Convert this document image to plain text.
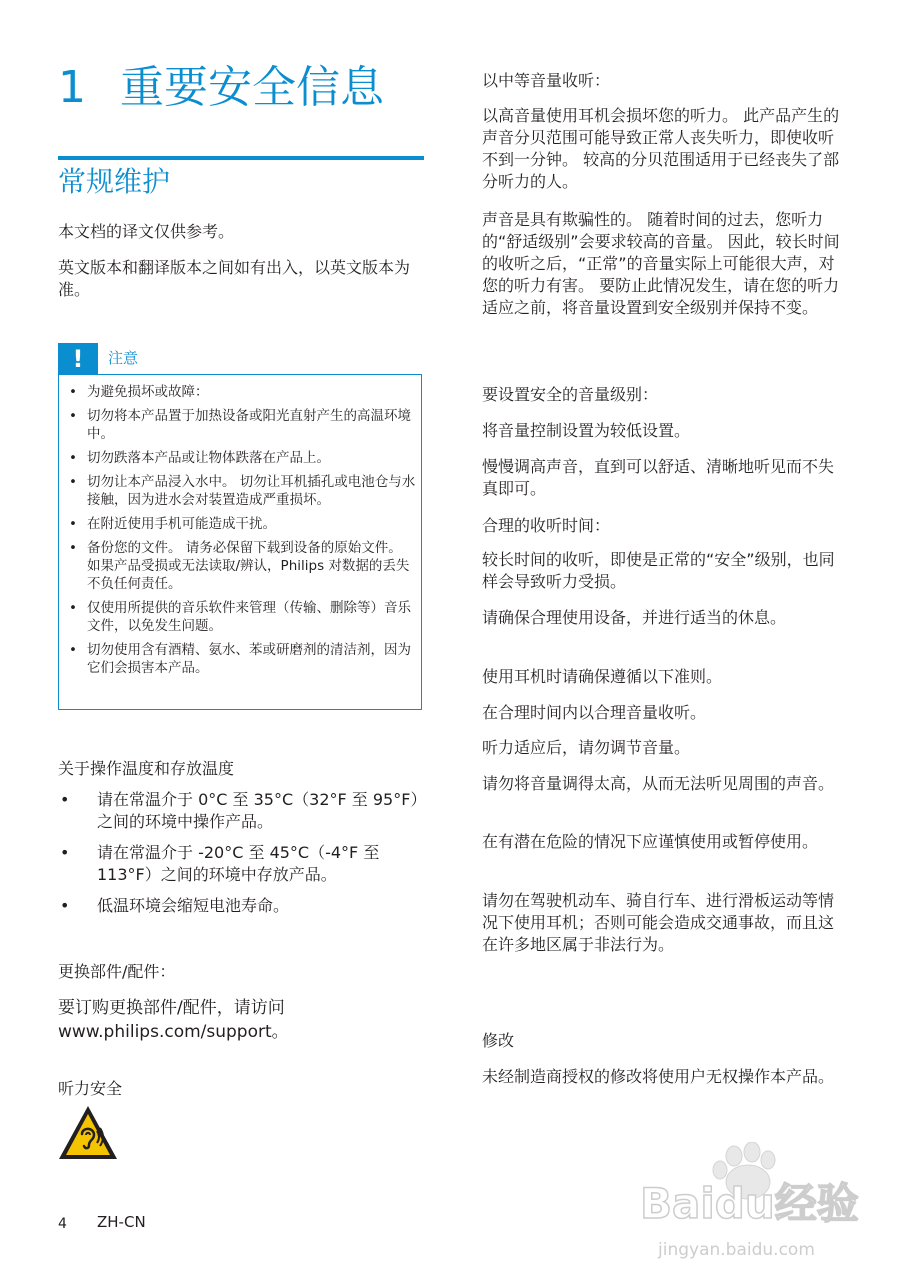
1 重要安全信息
常规维护

本文档的译文仅供参考。

英文版本和翻译版本之间如有出入，以英文版本为准。

!	注意
• 为避免损坏或故障：
• 切勿将本产品置于加热设备或阳光直射产生的高温环境中。
• 切勿跌落本产品或让物体跌落在产品上。
• 切勿让本产品浸入水中。 切勿让耳机插孔或电池仓与水接触，因为进水会对装置造成严重损坏。
• 在附近使用手机可能造成干扰。
• 备份您的文件。 请务必保留下载到设备的原始文件。 如果产品受损或无法读取/辨认，Philips 对数据的丢失不负任何责任。
• 仅使用所提供的音乐软件来管理（传输、删除等）音乐文件，以免发生问题。
• 切勿使用含有酒精、氨水、苯或研磨剂的清洁剂，因为它们会损害本产品。

关于操作温度和存放温度

• 请在常温介于 0°C 至 35°C（32°F 至 95°F）之间的环境中操作产品。
• 请在常温介于 -20°C 至 45°C（-4°F 至 113°F）之间的环境中存放产品。
• 低温环境会缩短电池寿命。

更换部件/配件：

要订购更换部件/配件，请访问 www.philips.com/support。

听力安全

以中等音量收听：

以高音量使用耳机会损坏您的听力。 此产品产生的声音分贝范围可能导致正常人丧失听力，即使收听不到一分钟。 较高的分贝范围适用于已经丧失了部分听力的人。

声音是具有欺骗性的。 随着时间的过去，您听力的“舒适级别”会要求较高的音量。 因此，较长时间的收听之后，“正常”的音量实际上可能很大声，对您的听力有害。 要防止此情况发生，请在您的听力适应之前，将音量设置到安全级别并保持不变。

要设置安全的音量级别：

将音量控制设置为较低设置。

慢慢调高声音，直到可以舒适、清晰地听见而不失真即可。

合理的收听时间：

较长时间的收听，即使是正常的“安全”级别，也同样会导致听力受损。

请确保合理使用设备，并进行适当的休息。

使用耳机时请确保遵循以下准则。

在合理时间内以合理音量收听。

听力适应后，请勿调节音量。

请勿将音量调得太高，从而无法听见周围的声音。

在有潜在危险的情况下应谨慎使用或暂停使用。

请勿在驾驶机动车、骑自行车、进行滑板运动等情况下使用耳机；否则可能会造成交通事故，而且这在许多地区属于非法行为。

修改

未经制造商授权的修改将使用户无权操作本产品。

4 ZH-CN	Baidu经验
jingyan.baidu.com
